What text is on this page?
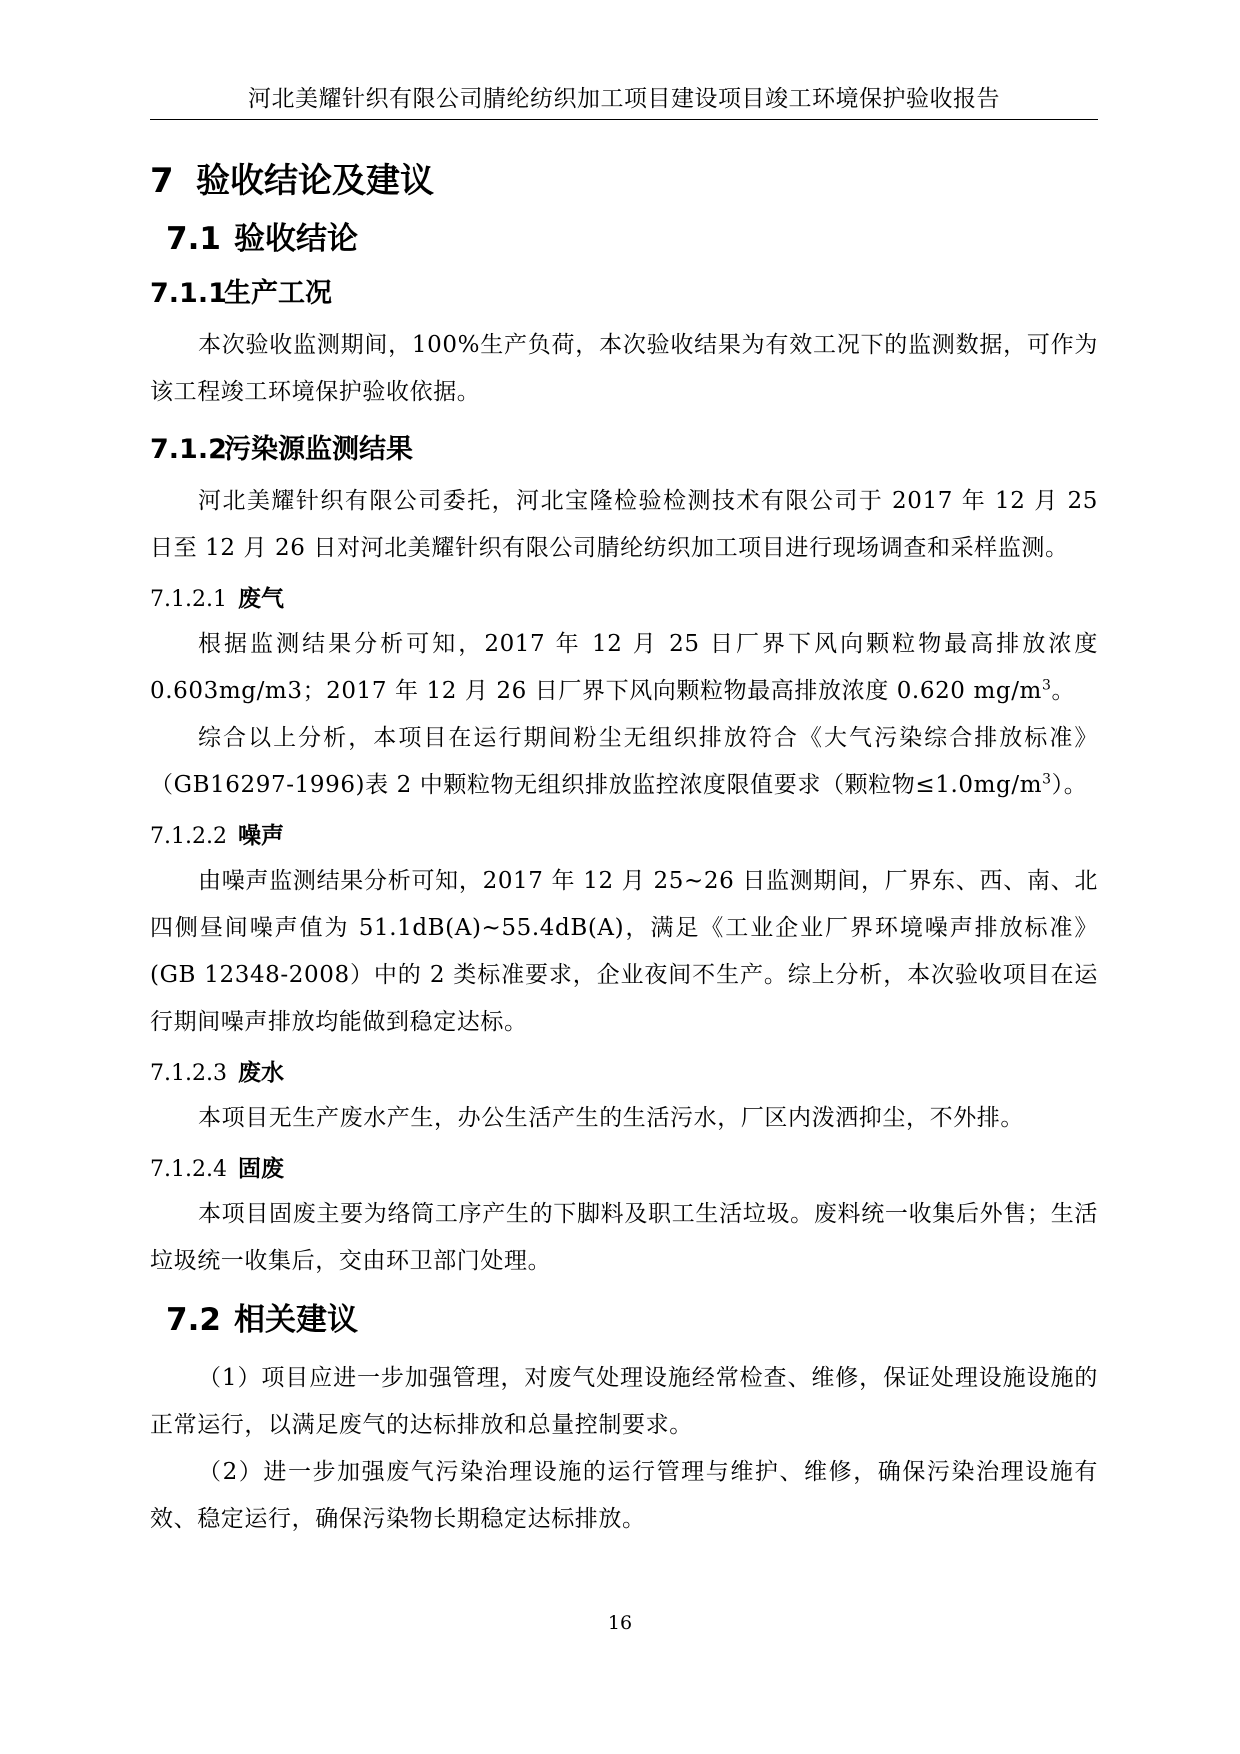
河北美耀针织有限公司腈纶纺织加工项目建设项目竣工环境保护验收报告
7 验收结论及建议
7.1 验收结论
7.1.1生产工况

本次验收监测期间，100%生产负荷，本次验收结果为有效工况下的监测数据，可作为该工程竣工环境保护验收依据。

7.1.2污染源监测结果

河北美耀针织有限公司委托，河北宝隆检验检测技术有限公司于 2017 年 12 月 25 日至 12 月 26 日对河北美耀针织有限公司腈纶纺织加工项目进行现场调查和采样监测。

7.1.2.1 废气

根据监测结果分析可知，2017 年 12 月 25 日厂界下风向颗粒物最高排放浓度 0.603mg/m3；2017 年 12 月 26 日厂界下风向颗粒物最高排放浓度 0.620 $mg/m^3$。

综合以上分析，本项目在运行期间粉尘无组织排放符合《大气污染综合排放标准》（GB16297-1996)表 2 中颗粒物无组织排放监控浓度限值要求（颗粒物$\le 1.0mg/m^3$）。

7.1.2.2 噪声

由噪声监测结果分析可知，2017 年 12 月 25~26 日监测期间，厂界东、西、南、北四侧昼间噪声值为 51.1dB(A)~55.4dB(A)，满足《工业企业厂界环境噪声排放标准》(GB 12348-2008）中的 2 类标准要求，企业夜间不生产。综上分析，本次验收项目在运行期间噪声排放均能做到稳定达标。

7.1.2.3 废水

本项目无生产废水产生，办公生活产生的生活污水，厂区内泼洒抑尘，不外排。

7.1.2.4 固废

本项目固废主要为络筒工序产生的下脚料及职工生活垃圾。废料统一收集后外售；生活垃圾统一收集后，交由环卫部门处理。

7.2 相关建议

（1）项目应进一步加强管理，对废气处理设施经常检查、维修，保证处理设施设施的正常运行，以满足废气的达标排放和总量控制要求。

（2）进一步加强废气污染治理设施的运行管理与维护、维修，确保污染治理设施有效、稳定运行，确保污染物长期稳定达标排放。

16
